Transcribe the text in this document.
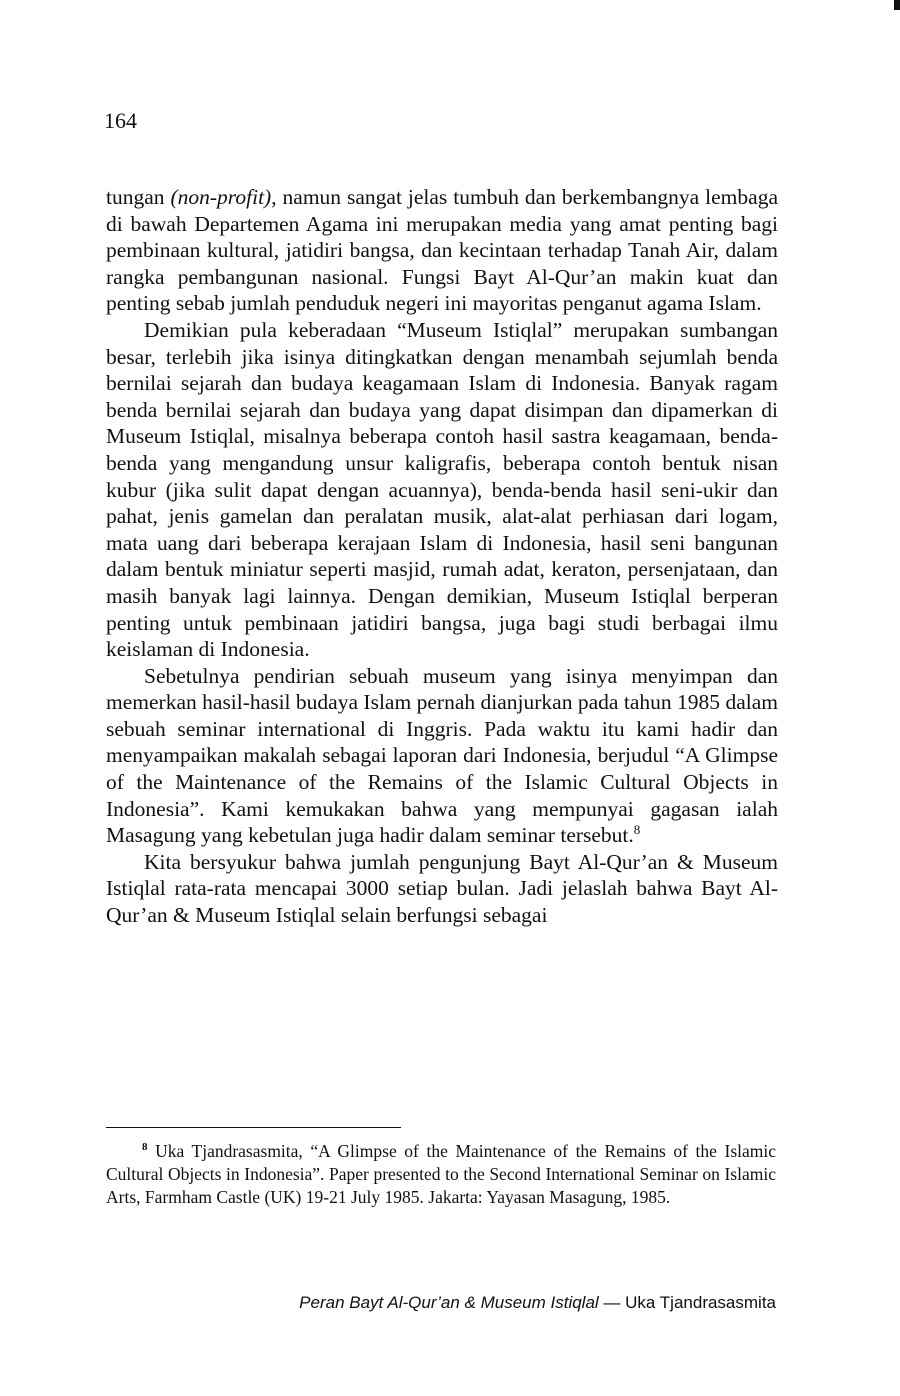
164

tungan (non-profit), namun sangat jelas tumbuh dan berkembangnya lembaga di bawah Departemen Agama ini merupakan media yang amat penting bagi pembinaan kultural, jatidiri bangsa, dan kecintaan terhadap Tanah Air, dalam rangka pembangunan nasional. Fungsi Bayt Al-Qur’an makin kuat dan penting sebab jumlah penduduk negeri ini mayoritas penganut agama Islam.

Demikian pula keberadaan “Museum Istiqlal” merupakan sumbangan besar, terlebih jika isinya ditingkatkan dengan menambah sejumlah benda bernilai sejarah dan budaya keagamaan Islam di Indonesia. Banyak ragam benda bernilai sejarah dan budaya yang dapat disimpan dan dipamerkan di Museum Istiqlal, misalnya beberapa contoh hasil sastra keagamaan, benda-benda yang mengandung unsur kaligrafis, beberapa contoh bentuk nisan kubur (jika sulit dapat dengan acuannya), benda-benda hasil seni-ukir dan pahat, jenis gamelan dan peralatan musik, alat-alat perhiasan dari logam, mata uang dari beberapa kerajaan Islam di Indonesia, hasil seni bangunan dalam bentuk miniatur seperti masjid, rumah adat, keraton, persenjataan, dan masih banyak lagi lainnya. Dengan demikian, Museum Istiqlal berperan penting untuk pembinaan jatidiri bangsa, juga bagi studi berbagai ilmu keislaman di Indonesia.

Sebetulnya pendirian sebuah museum yang isinya menyimpan dan memerkan hasil-hasil budaya Islam pernah dianjurkan pada tahun 1985 dalam sebuah seminar international di Inggris. Pada waktu itu kami hadir dan menyampaikan makalah sebagai laporan dari Indonesia, berjudul “A Glimpse of the Maintenance of the Remains of the Islamic Cultural Objects in Indonesia”. Kami kemukakan bahwa yang mempunyai gagasan ialah Masagung yang kebetulan juga hadir dalam seminar tersebut.$^8$

Kita bersyukur bahwa jumlah pengunjung Bayt Al-Qur’an & Museum Istiqlal rata-rata mencapai 3000 setiap bulan. Jadi jelaslah bahwa Bayt Al-Qur’an & Museum Istiqlal selain berfungsi sebagai

$^8$ Uka Tjandrasasmita, “A Glimpse of the Maintenance of the Remains of the Islamic Cultural Objects in Indonesia”. Paper presented to the Second International Seminar on Islamic Arts, Farmham Castle (UK) 19-21 July 1985. Jakarta: Yayasan Masagung, 1985.

Peran Bayt Al-Qur’an & Museum Istiqlal — Uka Tjandrasasmita
